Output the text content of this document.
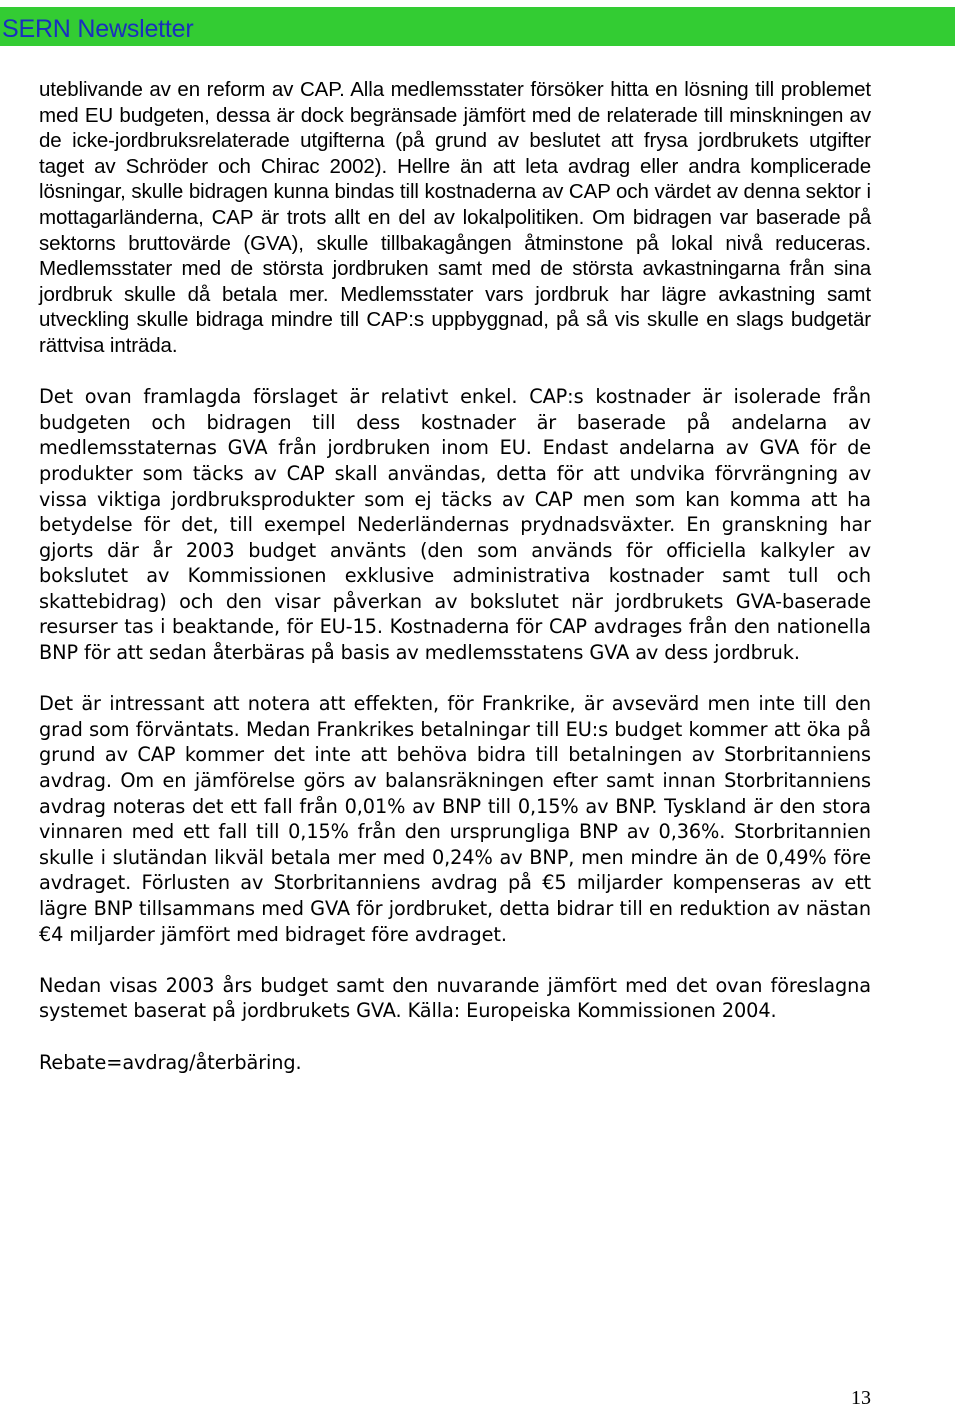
SERN Newsletter

uteblivande av en reform av CAP. Alla medlemsstater försöker hitta en lösning till problemet med EU budgeten, dessa är dock begränsade jämfört med de relaterade till minskningen av de icke-jordbruksrelaterade utgifterna (på grund av beslutet att frysa jordbrukets utgifter taget av Schröder och Chirac 2002). Hellre än att leta avdrag eller andra komplicerade lösningar, skulle bidragen kunna bindas till kostnaderna av CAP och värdet av denna sektor i mottagarländerna, CAP är trots allt en del av lokalpolitiken. Om bidragen var baserade på sektorns bruttovärde (GVA), skulle tillbakagången åtminstone på lokal nivå reduceras. Medlemsstater med de största jordbruken samt med de största avkastningarna från sina jordbruk skulle då betala mer. Medlemsstater vars jordbruk har lägre avkastning samt utveckling skulle bidraga mindre till CAP:s uppbyggnad, på så vis skulle en slags budgetär rättvisa inträda.

Det ovan framlagda förslaget är relativt enkel. CAP:s kostnader är isolerade från budgeten och bidragen till dess kostnader är baserade på andelarna av medlemsstaternas GVA från jordbruken inom EU. Endast andelarna av GVA för de produkter som täcks av CAP skall användas, detta för att undvika förvrängning av vissa viktiga jordbruksprodukter som ej täcks av CAP men som kan komma att ha betydelse för det, till exempel Nederländernas prydnadsväxter. En granskning har gjorts där år 2003 budget använts (den som används för officiella kalkyler av bokslutet av Kommissionen exklusive administrativa kostnader samt tull och skattebidrag) och den visar påverkan av bokslutet när jordbrukets GVA-baserade resurser tas i beaktande, för EU-15. Kostnaderna för CAP avdrages från den nationella BNP för att sedan återbäras på basis av medlemsstatens GVA av dess jordbruk.

Det är intressant att notera att effekten, för Frankrike, är avsevärd men inte till den grad som förväntats. Medan Frankrikes betalningar till EU:s budget kommer att öka på grund av CAP kommer det inte att behöva bidra till betalningen av Storbritanniens avdrag. Om en jämförelse görs av balansräkningen efter samt innan Storbritanniens avdrag noteras det ett fall från 0,01% av BNP till 0,15% av BNP. Tyskland är den stora vinnaren med ett fall till 0,15% från den ursprungliga BNP av 0,36%. Storbritannien skulle i slutändan likväl betala mer med 0,24% av BNP, men mindre än de 0,49% före avdraget. Förlusten av Storbritanniens avdrag på €5 miljarder kompenseras av ett lägre BNP tillsammans med GVA för jordbruket, detta bidrar till en reduktion av nästan €4 miljarder jämfört med bidraget före avdraget.

Nedan visas 2003 års budget samt den nuvarande jämfört med det ovan föreslagna systemet baserat på jordbrukets GVA. Källa: Europeiska Kommissionen 2004.

Rebate=avdrag/återbäring.

13
